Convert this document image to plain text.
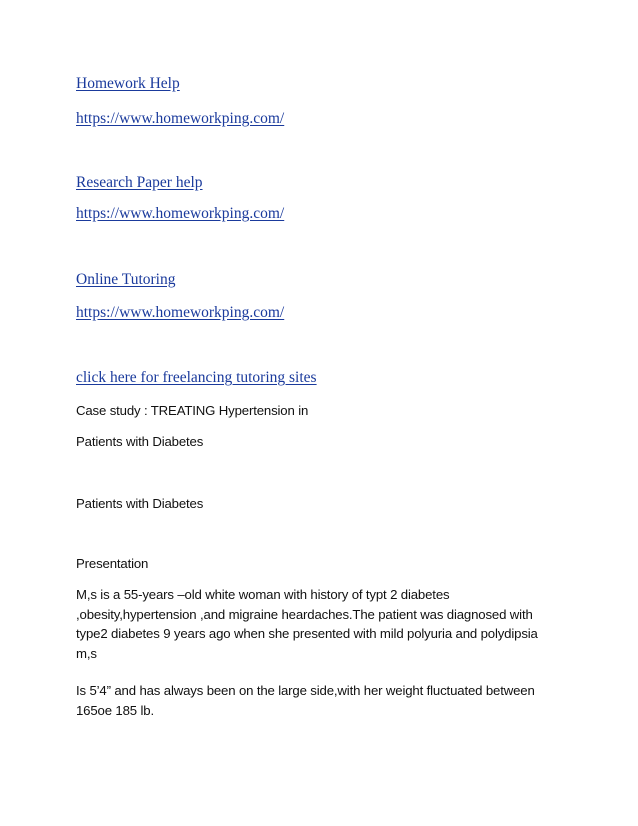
Homework Help
https://www.homeworkping.com/
Research Paper help
https://www.homeworkping.com/
Online Tutoring
https://www.homeworkping.com/
click here for freelancing tutoring sites
Case study : TREATING Hypertension in
Patients with Diabetes
Patients with Diabetes
Presentation
M,s is a 55-years –old white woman with history of typt 2 diabetes
,obesity,hypertension ,and migraine heardaches.The patient was diagnosed with
type2 diabetes 9 years ago when she presented with mild polyuria and polydipsia
m,s
Is 5’4” and has always been on the large side,with her weight fluctuated between
165oe 185 lb.
